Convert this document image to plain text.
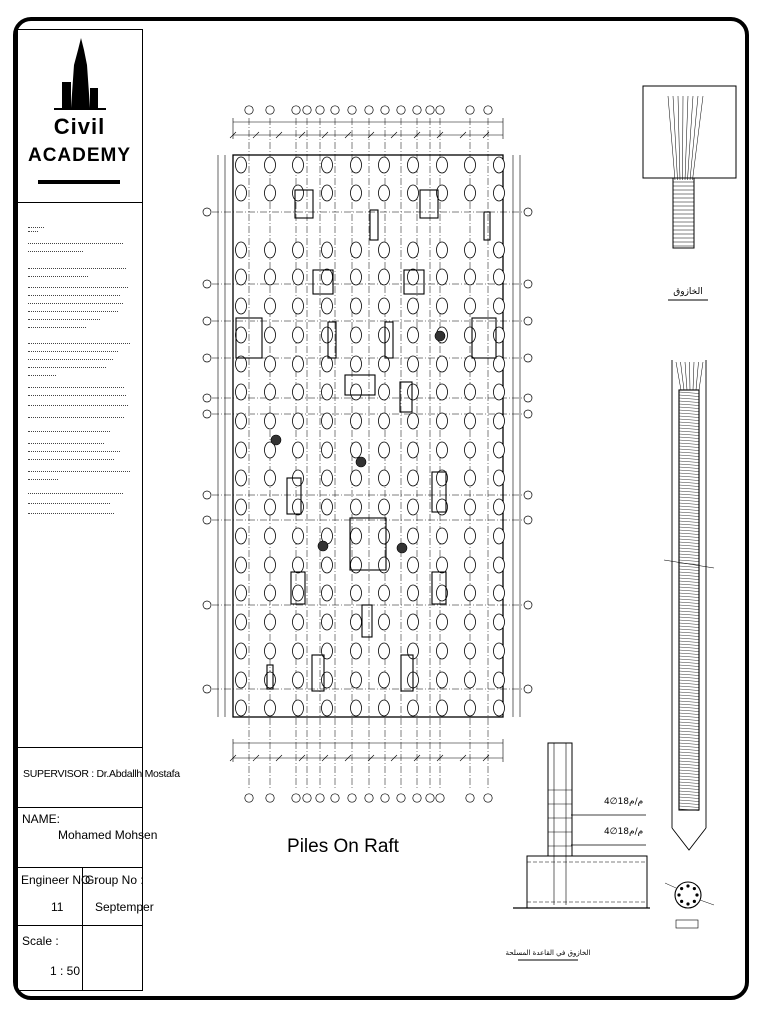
Civil
ACADEMY
SUPERVISOR : Dr.Abdallh Mostafa
NAME:
Mohamed Mohsen
Engineer NO :
11
Group No :
Septemper
Scale :
1 : 50
Piles On Raft
الخازوق
الخازوق في القاعدة المسلحة
4∅18م/م
4∅18م/م
